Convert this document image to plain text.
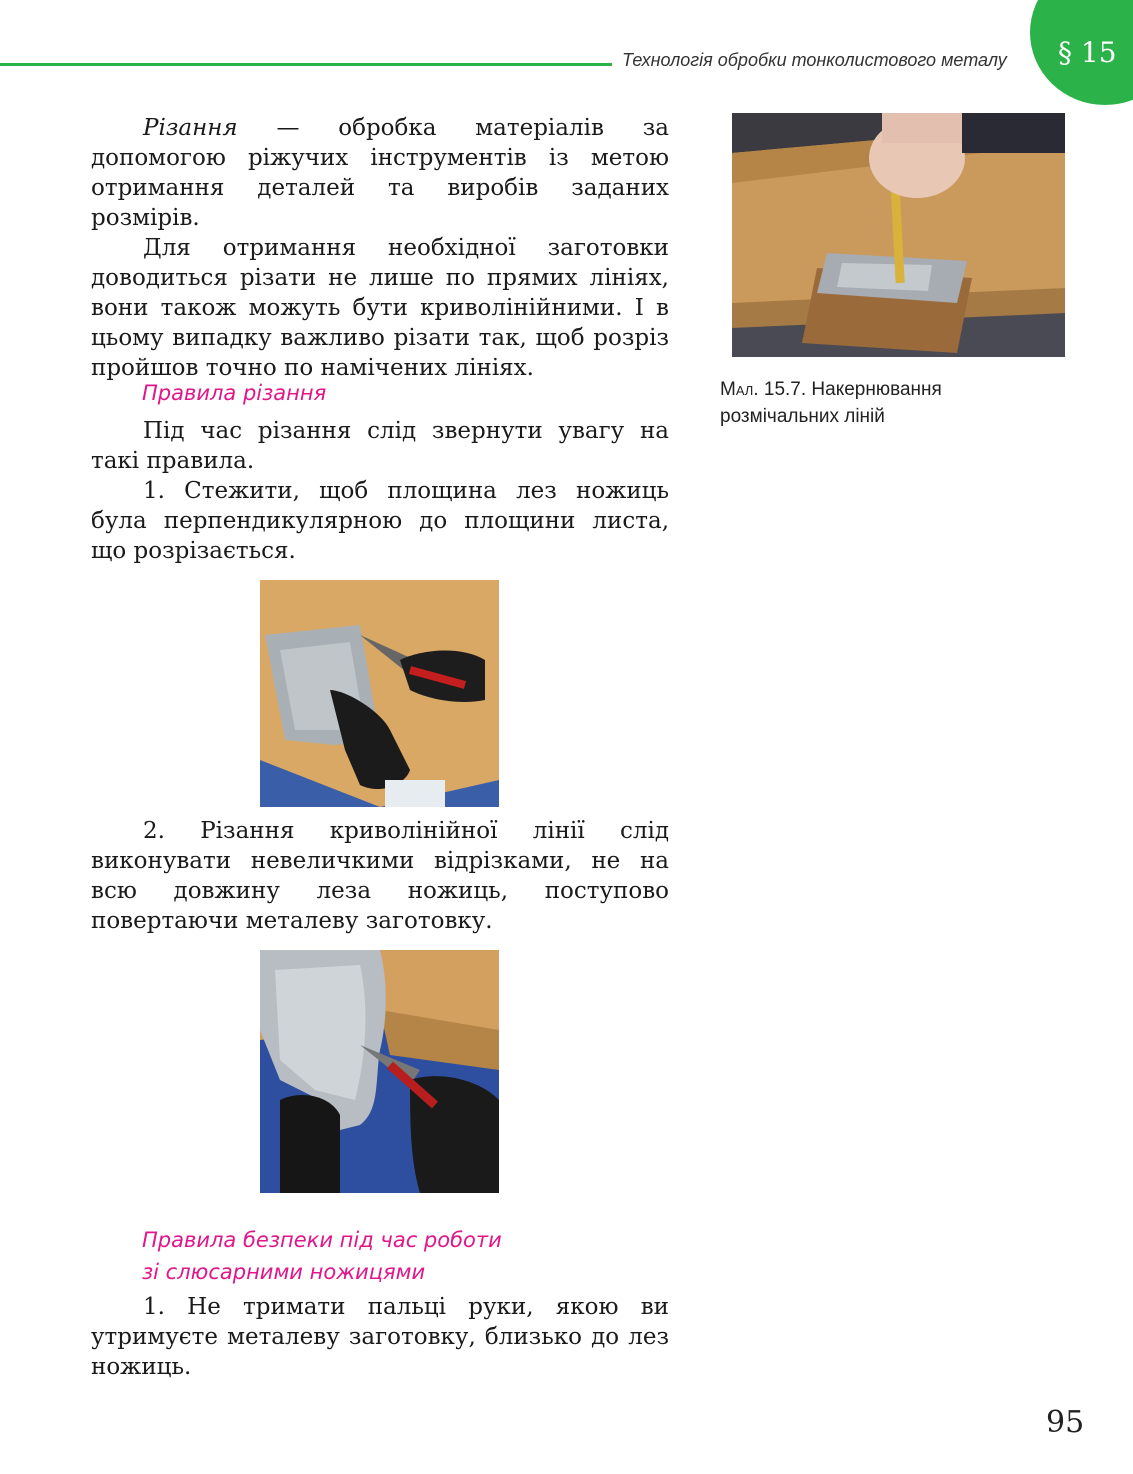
Технологія обробки тонколистового металу § 15

Різання — обробка матеріалів за допомогою ріжучих інструментів із метою отримання деталей та виробів заданих розмірів.

Для отримання необхідної заготовки доводиться різати не лише по прямих лініях, вони також можуть бути криволінійними. І в цьому випадку важливо різати так, щоб розріз пройшов точно по намічених лініях.

Мал. 15.7. Накернювання розмічальних ліній
Правила різання

Під час різання слід звернути увагу на такі правила.

1. Стежити, щоб площина лез ножиць була перпендикулярною до площини листа, що розрізається.

2. Різання криволінійної лінії слід виконувати невеличкими відрізками, не на всю довжину леза ножиць, поступово повертаючи металеву заготовку.

Правила безпеки під час роботи
зі слюсарними ножицями

1. Не тримати пальці руки, якою ви утримуєте металеву заготовку, близько до лез ножиць.

95
